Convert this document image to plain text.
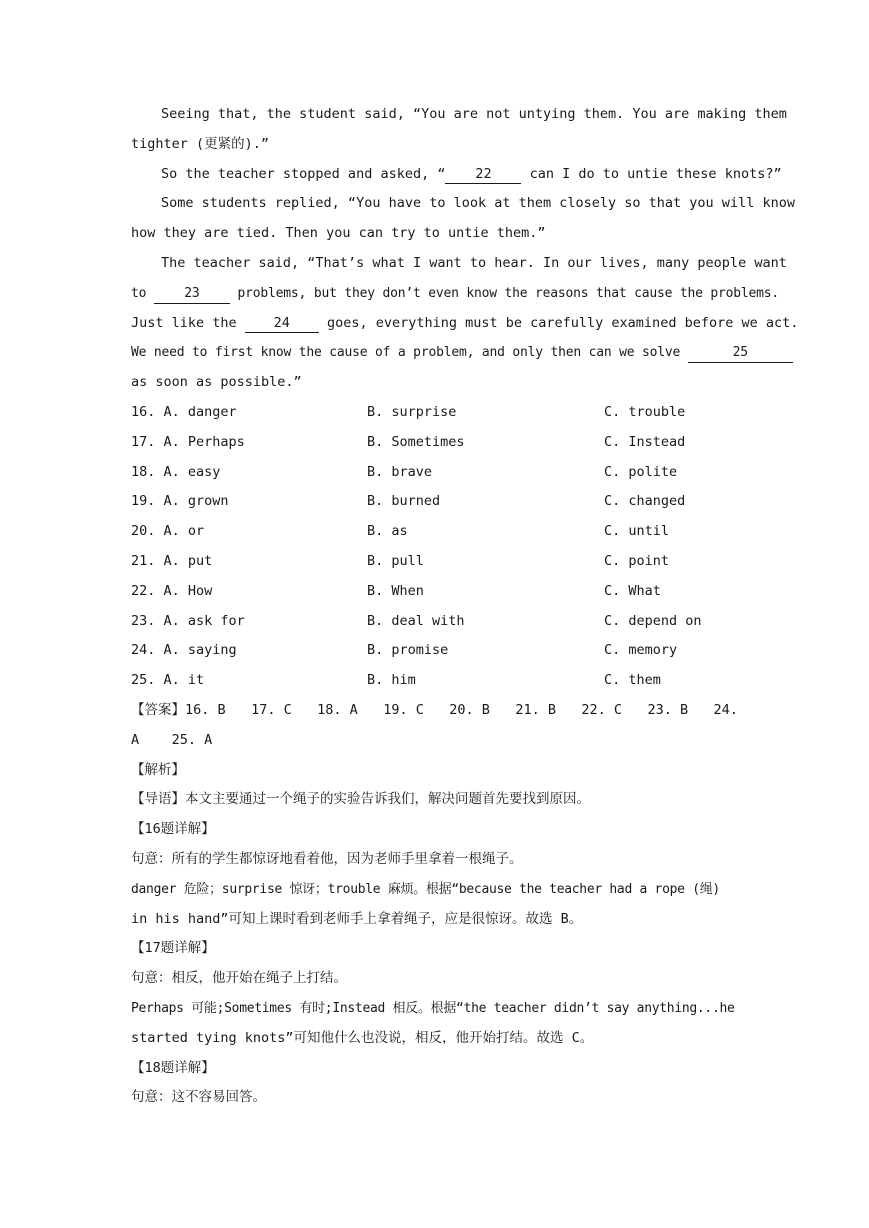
Seeing that, the student said, “You are not untying them. You are making them
tighter (更紧的).”
So the teacher stopped and asked, “ 22	can I do to untie these knots?”
Some students replied, “You have to look at them closely so that you will know
how they are tied. Then you can try to untie them.”
The teacher said, “That’s what I want to hear. In our lives, many people want
to	23	problems, but they don’t even know the reasons that cause the problems.
Just like the	24	goes, everything must be carefully examined before we act.
We need to first know the cause of a problem, and only then can we solve	25
as soon as possible.”
16. A. danger	B. surprise	C. trouble
17. A. Perhaps	B. Sometimes	C. Instead
18. A. easy	B. brave	C. polite
19. A. grown	B. burned	C. changed
20. A. or	B. as	C. until
21. A. put	B. pull	C. point
22. A. How	B. When	C. What
23. A. ask for	B. deal with	C. depend on
24. A. saying	B. promise	C. memory
25. A. it	B. him	C. them
【答案】16. B 17. C 18. A 19. C 20. B 21. B 22. C 23. B 24.
A    25. A
【解析】
【导语】本文主要通过一个绳子的实验告诉我们，解决问题首先要找到原因。
【16题详解】
句意：所有的学生都惊讶地看着他，因为老师手里拿着一根绳子。
danger 危险；surprise 惊讶；trouble 麻烦。根据“because the teacher had a rope (绳)
in his hand”可知上课时看到老师手上拿着绳子，应是很惊讶。故选 B。
【17题详解】
句意：相反，他开始在绳子上打结。
Perhaps 可能;Sometimes 有时;Instead 相反。根据“the teacher didn’t say anything...he
started tying knots”可知他什么也没说，相反，他开始打结。故选 C。
【18题详解】
句意：这不容易回答。
